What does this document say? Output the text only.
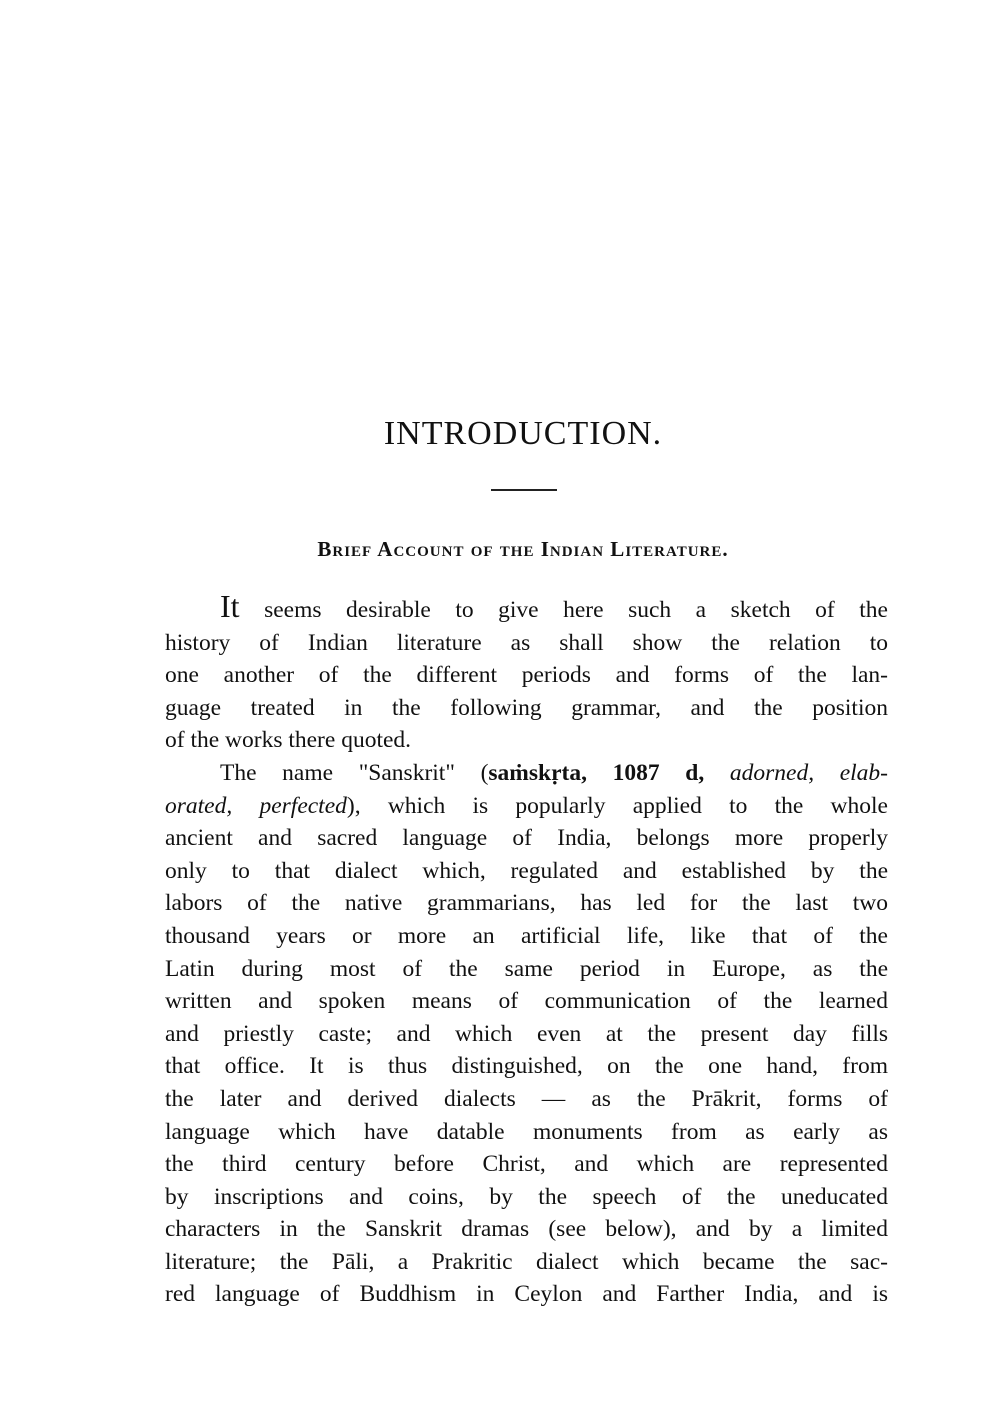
INTRODUCTION.
Brief Account of the Indian Literature.
It seems desirable to give here such a sketch of the
history of Indian literature as shall show the relation to
one another of the different periods and forms of the lan-
guage treated in the following grammar, and the position
of the works there quoted.
The name "Sanskrit" (saṁskṛta, 1087 d, adorned, elab-
orated, perfected), which is popularly applied to the whole
ancient and sacred language of India, belongs more properly
only to that dialect which, regulated and established by the
labors of the native grammarians, has led for the last two
thousand years or more an artificial life, like that of the
Latin during most of the same period in Europe, as the
written and spoken means of communication of the learned
and priestly caste; and which even at the present day fills
that office. It is thus distinguished, on the one hand, from
the later and derived dialects — as the Prākrit, forms of
language which have datable monuments from as early as
the third century before Christ, and which are represented
by inscriptions and coins, by the speech of the uneducated
characters in the Sanskrit dramas (see below), and by a limited
literature; the Pāli, a Prakritic dialect which became the sac-
red language of Buddhism in Ceylon and Farther India, and is
